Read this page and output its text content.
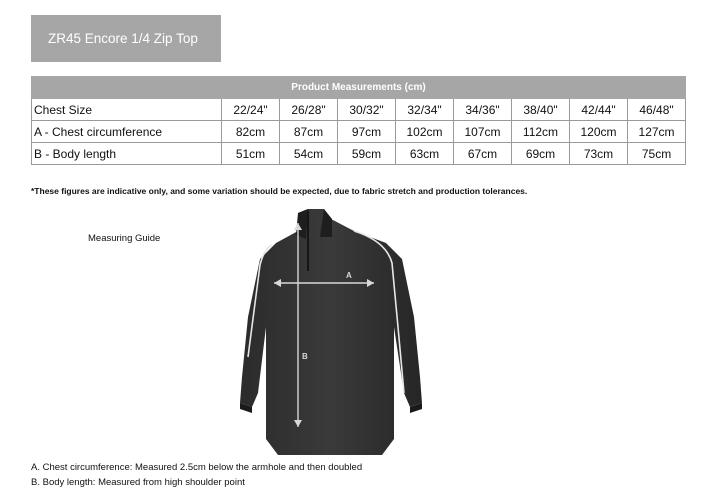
ZR45 Encore 1/4 Zip Top
Product Measurements (cm)								
Chest Size	22/24"	26/28"	30/32"	32/34"	34/36"	38/40"	42/44"	46/48"
A - Chest circumference	82cm	87cm	97cm	102cm	107cm	112cm	120cm	127cm
B - Body length	51cm	54cm	59cm	63cm	67cm	69cm	73cm	75cm
*These figures are indicative only, and some variation should be expected, due to fabric stretch and production tolerances.
Measuring Guide
A
B
A. Chest circumference: Measured 2.5cm below the armhole and then doubled
B. Body length: Measured from high shoulder point
